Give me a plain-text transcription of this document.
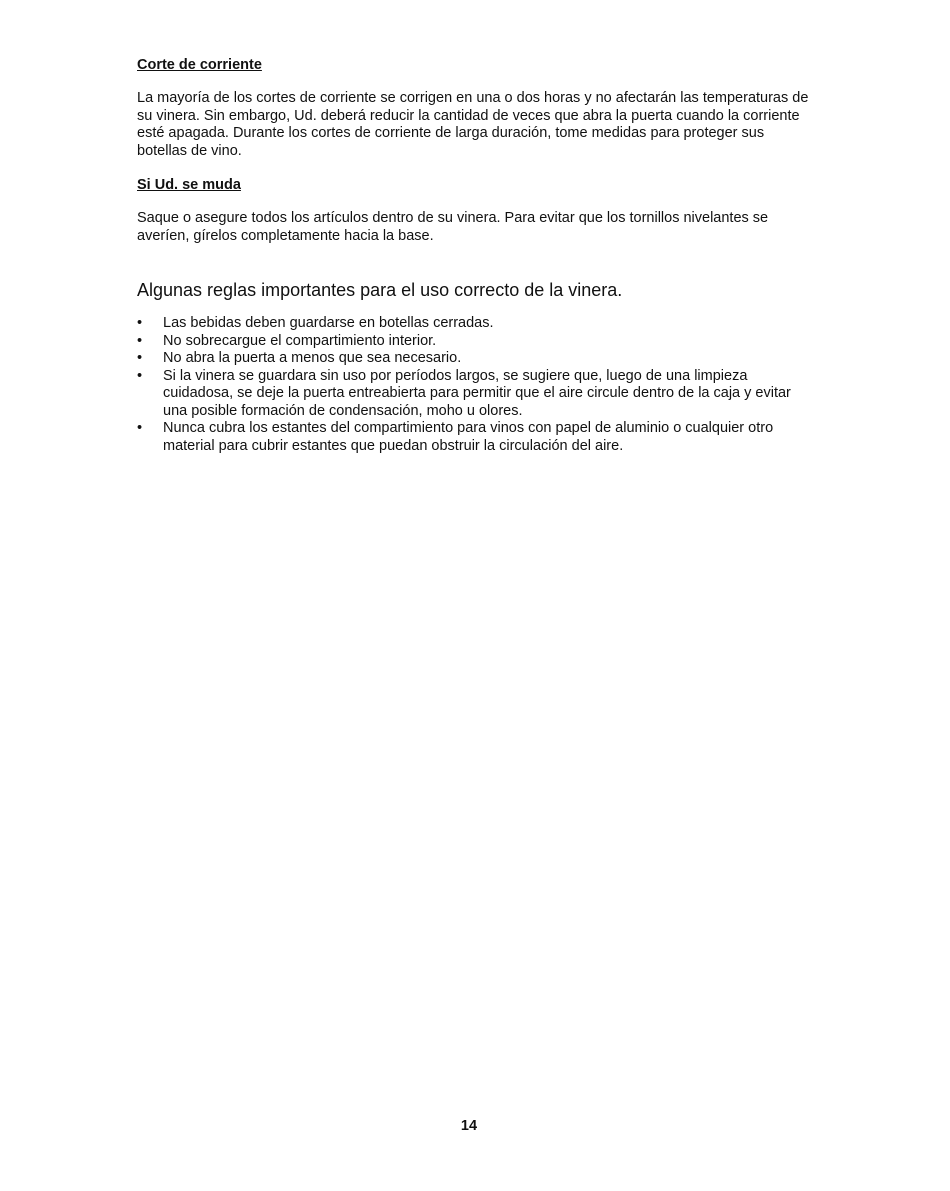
Corte de corriente

La mayoría de los cortes de corriente se corrigen en una o dos horas y no afectarán las temperaturas de su vinera. Sin embargo, Ud. deberá reducir la cantidad de veces que abra la puerta cuando la corriente esté apagada. Durante los cortes de corriente de larga duración, tome medidas para proteger sus botellas de vino.

Si Ud. se muda

Saque o asegure todos los artículos dentro de su vinera. Para evitar que los tornillos nivelantes se averíen, gírelos completamente hacia la base.

Algunas reglas importantes para el uso correcto de la vinera.
• Las bebidas deben guardarse en botellas cerradas.
• No sobrecargue el compartimiento interior.
• No abra la puerta a menos que sea necesario.
• Si la vinera se guardara sin uso por períodos largos, se sugiere que, luego de una limpieza cuidadosa, se deje la puerta entreabierta para permitir que el aire circule dentro de la caja y evitar una posible formación de condensación, moho u olores.
• Nunca cubra los estantes del compartimiento para vinos con papel de aluminio o cualquier otro material para cubrir estantes que puedan obstruir la circulación del aire.
14
